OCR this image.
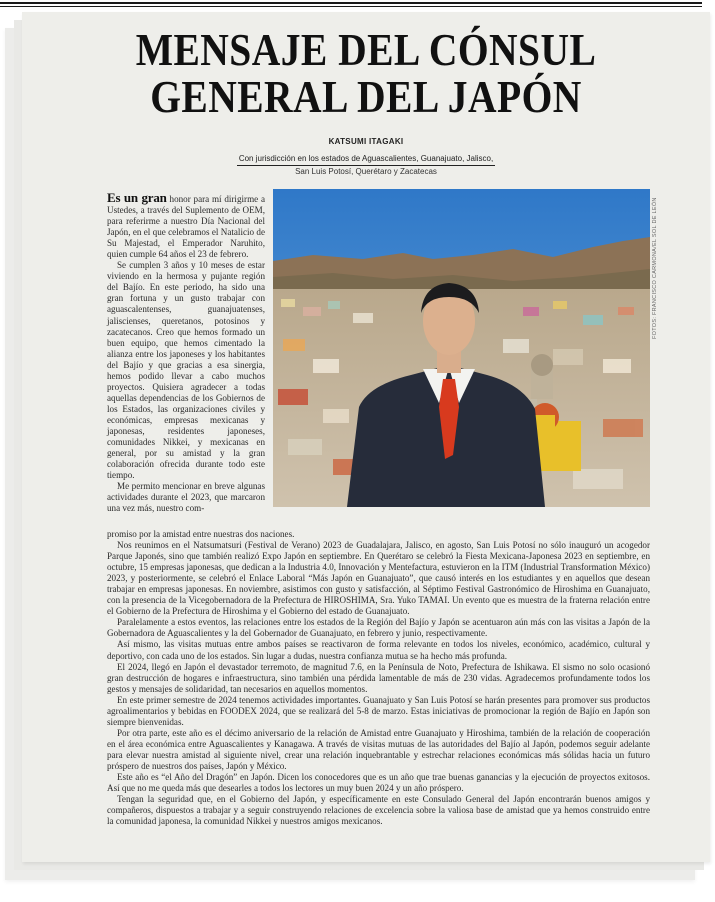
MENSAJE DEL CÓNSUL
GENERAL DEL JAPÓN
KATSUMI ITAGAKI
Con jurisdicción en los estados de Aguascalientes, Guanajuato, Jalisco,
San Luis Potosí, Querétaro y Zacatecas

Es un gran honor para mí dirigirme a Ustedes, a través del Suplemento de OEM, para referirme a nuestro Día Nacional del Japón, en el que celebramos el Natalicio de Su Majestad, el Emperador Naruhito, quien cumple 64 años el 23 de febrero.

Se cumplen 3 años y 10 meses de estar viviendo en la hermosa y pujante región del Bajío. En este periodo, ha sido una gran fortuna y un gusto trabajar con aguascalentenses, guanajuatenses, jaliscienses, queretanos, potosinos y zacatecanos. Creo que hemos formado un buen equipo, que hemos cimentado la alianza entre los japoneses y los habitantes del Bajío y que gracias a esa sinergia, hemos podido llevar a cabo muchos proyectos. Quisiera agradecer a todas aquellas dependencias de los Gobiernos de los Estados, las organizaciones civiles y económicas, empresas mexicanas y japonesas, residentes japoneses, comunidades Nikkei, y mexicanas en general, por su amistad y la gran colaboración ofrecida durante todo este tiempo.

Me permito mencionar en breve algunas actividades durante el 2023, que marcaron una vez más, nuestro com-

FOTOS: FRANCISCO CARMONA/EL SOL DE LEÓN

promiso por la amistad entre nuestras dos naciones.

Nos reunimos en el Natsumatsuri (Festival de Verano) 2023 de Guadalajara, Jalisco, en agosto, San Luis Potosí no sólo inauguró un acogedor Parque Japonés, sino que también realizó Expo Japón en septiembre. En Querétaro se celebró la Fiesta Mexicana-Japonesa 2023 en septiembre, en octubre, 15 empresas japonesas, que dedican a la Industria 4.0, Innovación y Mentefactura, estuvieron en la ITM (Industrial Transformation México) 2023, y posteriormente, se celebró el Enlace Laboral “Más Japón en Guanajuato”, que causó interés en los estudiantes y en aquellos que desean trabajar en empresas japonesas. En noviembre, asistimos con gusto y satisfacción, al Séptimo Festival Gastronómico de Hiroshima en Guanajuato, con la presencia de la Vicegobernadora de la Prefectura de HIROSHIMA, Sra. Yuko TAMAI. Un evento que es muestra de la fraterna relación entre el Gobierno de la Prefectura de Hiroshima y el Gobierno del estado de Guanajuato.

Paralelamente a estos eventos, las relaciones entre los estados de la Región del Bajío y Japón se acentuaron aún más con las visitas a Japón de la Gobernadora de Aguascalientes y la del Gobernador de Guanajuato, en febrero y junio, respectivamente.

Así mismo, las visitas mutuas entre ambos países se reactivaron de forma relevante en todos los niveles, económico, académico, cultural y deportivo, con cada uno de los estados. Sin lugar a dudas, nuestra confianza mutua se ha hecho más profunda.

El 2024, llegó en Japón el devastador terremoto, de magnitud 7.6, en la Península de Noto, Prefectura de Ishikawa. El sismo no solo ocasionó gran destrucción de hogares e infraestructura, sino también una pérdida lamentable de más de 230 vidas. Agradecemos profundamente todos los gestos y mensajes de solidaridad, tan necesarios en aquellos momentos.

En este primer semestre de 2024 tenemos actividades importantes. Guanajuato y San Luis Potosí se harán presentes para promover sus productos agroalimentarios y bebidas en FOODEX 2024, que se realizará del 5-8 de marzo. Estas iniciativas de promocionar la región de Bajío en Japón son siempre bienvenidas.

Por otra parte, este año es el décimo aniversario de la relación de Amistad entre Guanajuato y Hiroshima, también de la relación de cooperación en el área económica entre Aguascalientes y Kanagawa. A través de visitas mutuas de las autoridades del Bajío al Japón, podemos seguir adelante para elevar nuestra amistad al siguiente nivel, crear una relación inquebrantable y estrechar relaciones económicas más sólidas hacia un futuro próspero de nuestros dos países, Japón y México.

Este año es “el Año del Dragón” en Japón. Dicen los conocedores que es un año que trae buenas ganancias y la ejecución de proyectos exitosos. Así que no me queda más que desearles a todos los lectores un muy buen 2024 y un año próspero.

Tengan la seguridad que, en el Gobierno del Japón, y específicamente en este Consulado General del Japón encontrarán buenos amigos y compañeros, dispuestos a trabajar y a seguir construyendo relaciones de excelencia sobre la valiosa base de amistad que ya hemos construido entre la comunidad japonesa, la comunidad Nikkei y nuestros amigos mexicanos.
